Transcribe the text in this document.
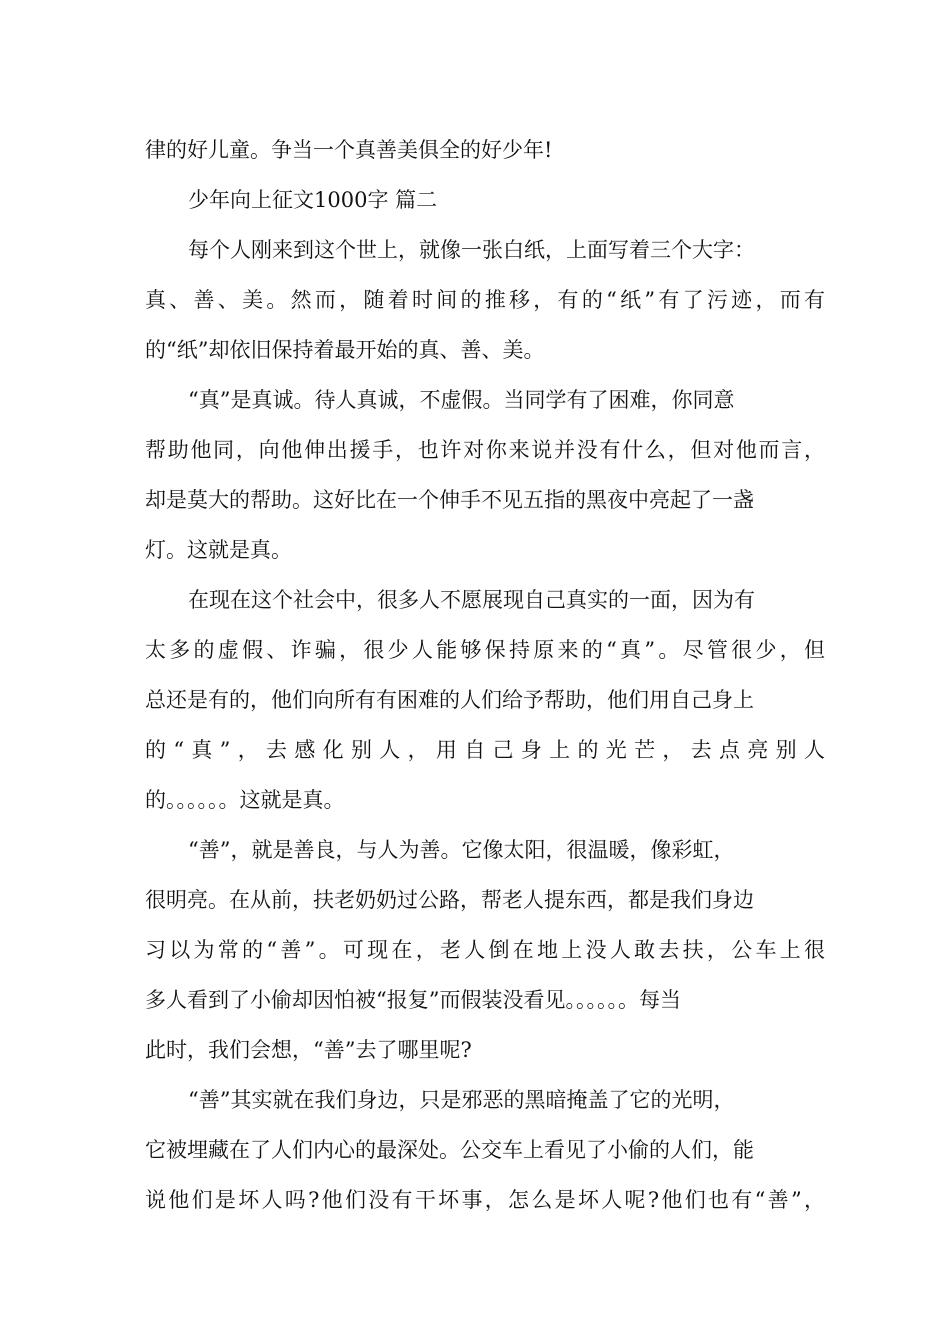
律的好儿童。争当一个真善美俱全的好少年!
少年向上征文1000字 篇二
每个人刚来到这个世上，就像一张白纸，上面写着三个大字：
真、善、美。然而，随着时间的推移，有的“纸”有了污迹，而有
的“纸”却依旧保持着最开始的真、善、美。
“真”是真诚。待人真诚，不虚假。当同学有了困难，你同意
帮助他同，向他伸出援手，也许对你来说并没有什么，但对他而言，
却是莫大的帮助。这好比在一个伸手不见五指的黑夜中亮起了一盏
灯。这就是真。
在现在这个社会中，很多人不愿展现自己真实的一面，因为有
太多的虚假、诈骗，很少人能够保持原来的“真”。尽管很少，但
总还是有的，他们向所有有困难的人们给予帮助，他们用自己身上
的“真”，去感化别人，用自己身上的光芒，去点亮别人
的。。。。。。这就是真。
“善”，就是善良，与人为善。它像太阳，很温暖，像彩虹，
很明亮。在从前，扶老奶奶过公路，帮老人提东西，都是我们身边
习以为常的“善”。可现在，老人倒在地上没人敢去扶，公车上很
多人看到了小偷却因怕被“报复”而假装没看见。。。。。。每当
此时，我们会想，“善”去了哪里呢?
“善”其实就在我们身边，只是邪恶的黑暗掩盖了它的光明，
它被埋藏在了人们内心的最深处。公交车上看见了小偷的人们，能
说他们是坏人吗?他们没有干坏事，怎么是坏人呢?他们也有“善”，
